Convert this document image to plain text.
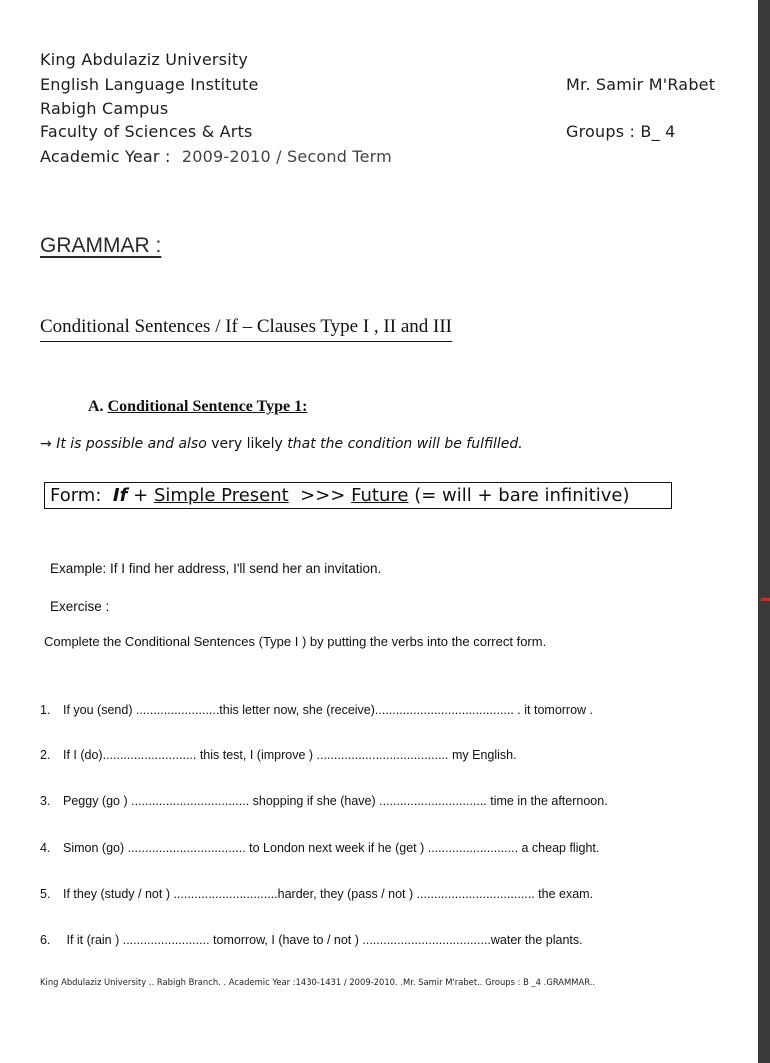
King Abdulaziz University
English Language Institute
Rabigh Campus
Faculty of Sciences & Arts
Academic Year : 2009-2010 / Second Term
Mr. Samir M'Rabet
Groups : B_ 4
GRAMMAR :
Conditional Sentences / If – Clauses Type I , II and III
A. Conditional Sentence Type 1:
→ It is possible and also very likely that the condition will be fulfilled.
Form: If + Simple Present >>> Future (= will + bare infinitive)
Example: If I find her address, I'll send her an invitation.
Exercise :
Complete the Conditional Sentences (Type I ) by putting the verbs into the correct form.
1. If you (send) ........................this letter now, she (receive)........................................ . it tomorrow .
2. If I (do)........................... this test, I (improve ) ...................................... my English.
3. Peggy (go ) .................................. shopping if she (have) ............................... time in the afternoon.
4. Simon (go) .................................. to London next week if he (get ) .......................... a cheap flight.
5. If they (study / not ) ..............................harder, they (pass / not ) .................................. the exam.
6. If it (rain ) ......................... tomorrow, I (have to / not ) .....................................water the plants.
King Abdulaziz University .. Rabigh Branch. . Academic Year :1430-1431 / 2009-2010. .Mr. Samir M'rabet.. Groups : B _4 .GRAMMAR..
